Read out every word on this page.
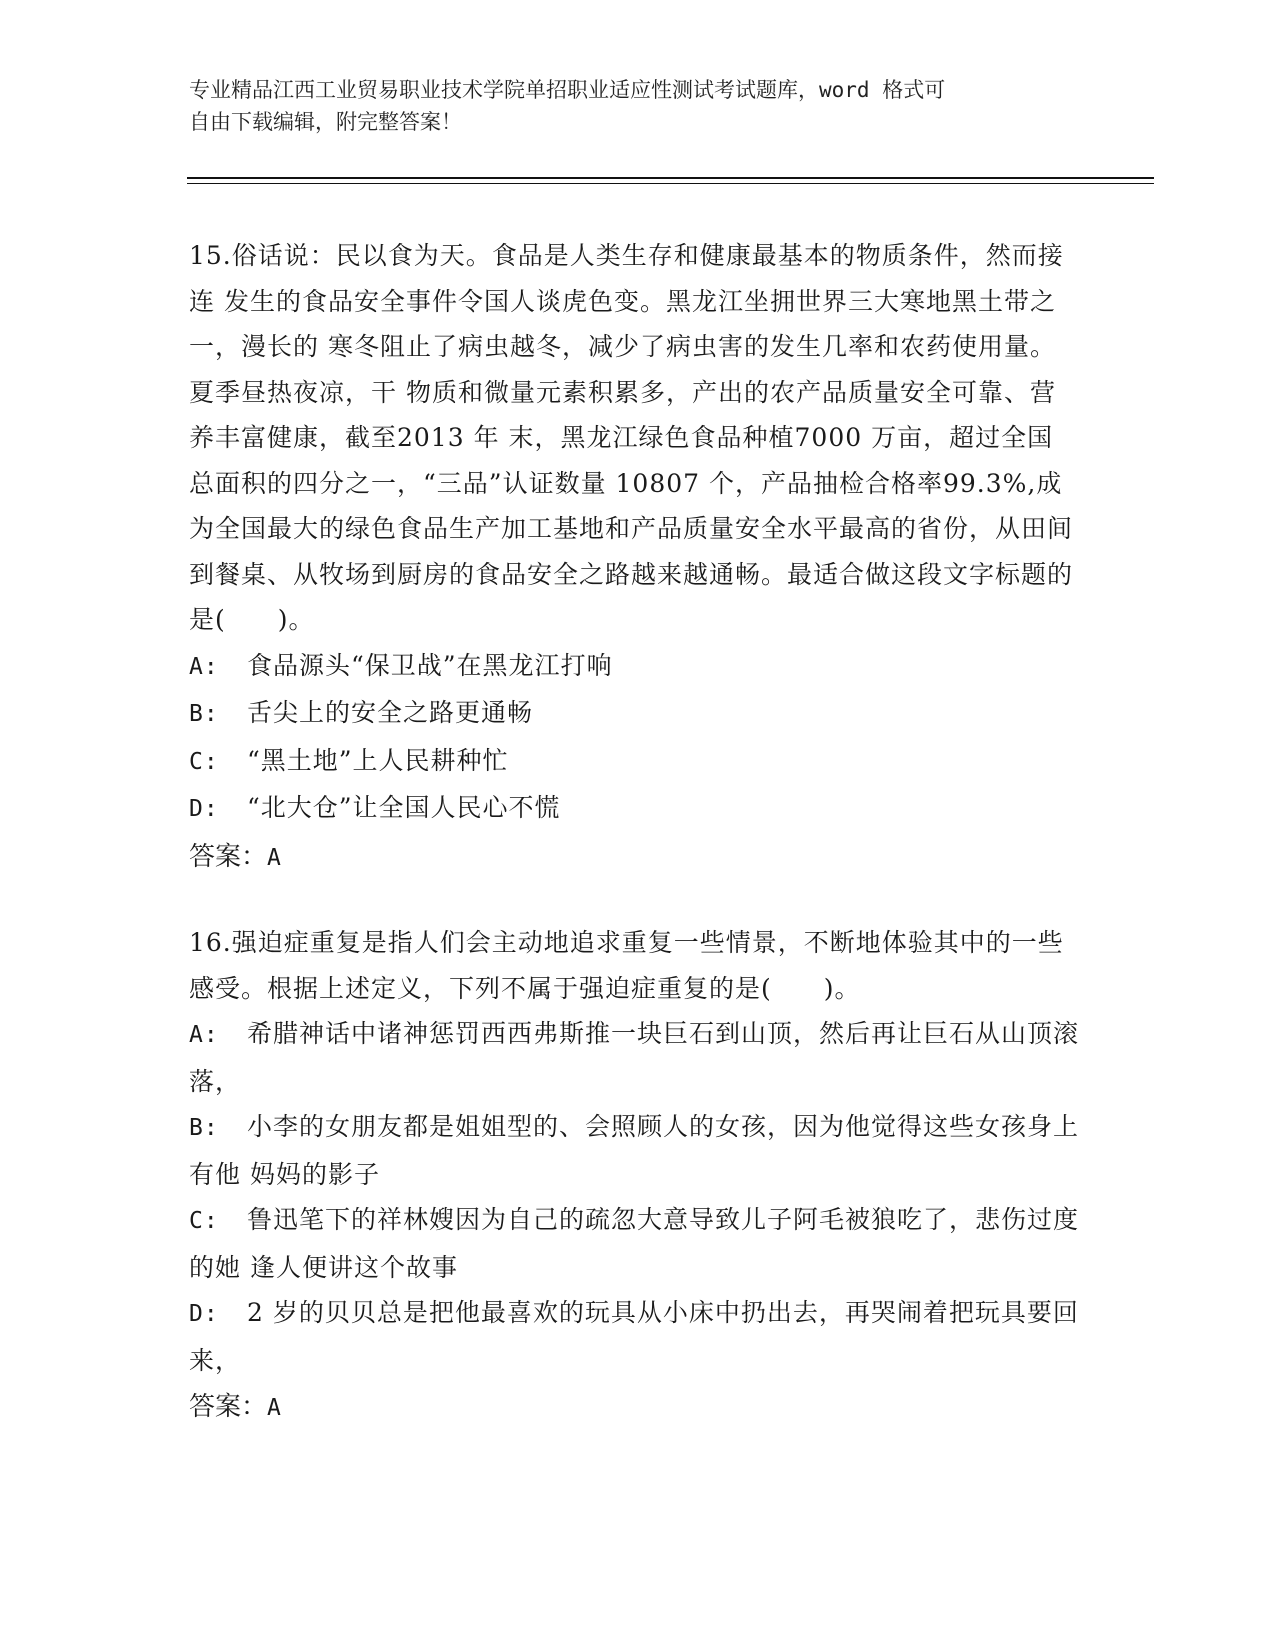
专业精品江西工业贸易职业技术学院单招职业适应性测试考试题库，word 格式可
自由下载编辑，附完整答案！
15.俗话说：民以食为天。食品是人类生存和健康最基本的物质条件，然而接连 发生的食品安全事件令国人谈虎色变。黑龙江坐拥世界三大寒地黑土带之一，漫长的 寒冬阻止了病虫越冬，减少了病虫害的发生几率和农药使用量。夏季昼热夜凉，干 物质和微量元素积累多，产出的农产品质量安全可靠、营养丰富健康，截至2013 年 末，黑龙江绿色食品种植7000 万亩，超过全国总面积的四分之一，“三品”认证数量 10807 个，产品抽检合格率99.3%,成为全国最大的绿色食品生产加工基地和产品质量安全水平最高的省份，从田间到餐桌、从牧场到厨房的食品安全之路越来越通畅。最适合做这段文字标题的是(　　)。
A: 食品源头“保卫战”在黑龙江打响
B: 舌尖上的安全之路更通畅
C: “黑土地”上人民耕种忙
D: “北大仓”让全国人民心不慌
答案：A
16.强迫症重复是指人们会主动地追求重复一些情景，不断地体验其中的一些感受。根据上述定义，下列不属于强迫症重复的是(　　)。
A: 希腊神话中诸神惩罚西西弗斯推一块巨石到山顶，然后再让巨石从山顶滚落，
B: 小李的女朋友都是姐姐型的、会照顾人的女孩，因为他觉得这些女孩身上有他 妈妈的影子
C: 鲁迅笔下的祥林嫂因为自己的疏忽大意导致儿子阿毛被狼吃了，悲伤过度的她 逢人便讲这个故事
D: 2 岁的贝贝总是把他最喜欢的玩具从小床中扔出去，再哭闹着把玩具要回来，
答案：A
